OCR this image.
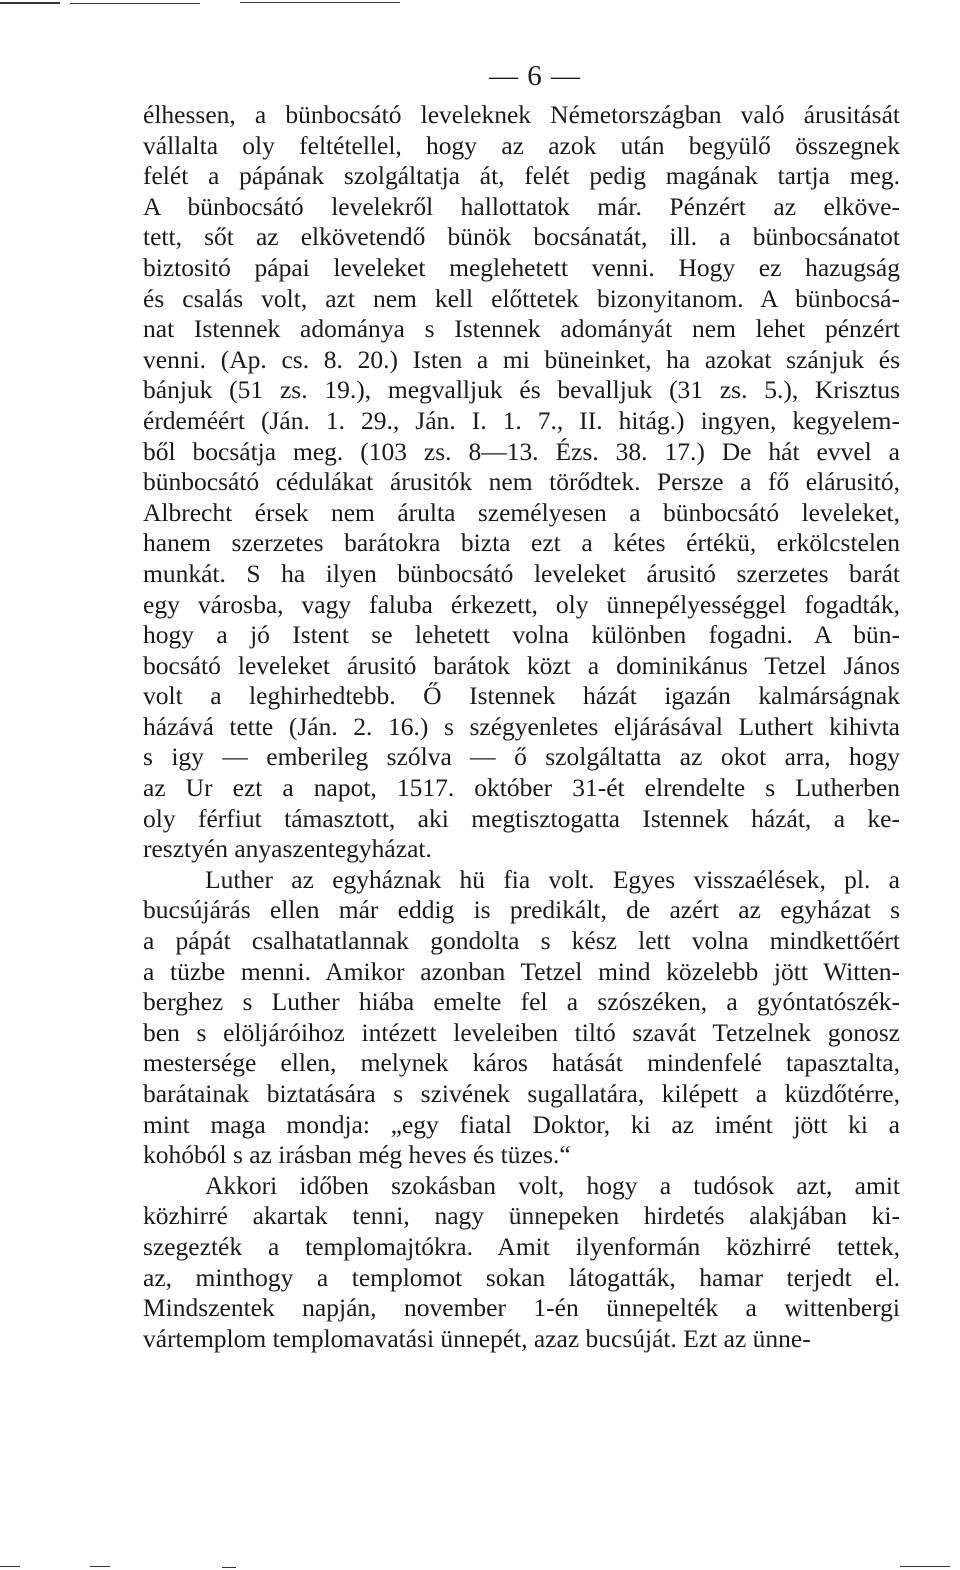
— 6 —
élhessen, a bünbocsátó leveleknek Németországban való árusitását
vállalta oly feltétellel, hogy az azok után begyülő összegnek
felét a pápának szolgáltatja át, felét pedig magának tartja meg.
A bünbocsátó levelekről hallottatok már. Pénzért az elköve-
tett, sőt az elkövetendő bünök bocsánatát, ill. a bünbocsánatot
biztositó pápai leveleket meglehetett venni. Hogy ez hazugság
és csalás volt, azt nem kell előttetek bizonyitanom. A bünbocsá-
nat Istennek adománya s Istennek adományát nem lehet pénzért
venni. (Ap. cs. 8. 20.) Isten a mi büneinket, ha azokat szánjuk és
bánjuk (51 zs. 19.), megvalljuk és bevalljuk (31 zs. 5.), Krisztus
érdeméért (Ján. 1. 29., Ján. I. 1. 7., II. hitág.) ingyen, kegyelem-
ből bocsátja meg. (103 zs. 8—13. Ézs. 38. 17.) De hát evvel a
bünbocsátó cédulákat árusitók nem törődtek. Persze a fő elárusitó,
Albrecht érsek nem árulta személyesen a bünbocsátó leveleket,
hanem szerzetes barátokra bizta ezt a kétes értékü, erkölcstelen
munkát. S ha ilyen bünbocsátó leveleket árusitó szerzetes barát
egy városba, vagy faluba érkezett, oly ünnepélyességgel fogadták,
hogy a jó Istent se lehetett volna különben fogadni. A bün-
bocsátó leveleket árusitó barátok közt a dominikánus Tetzel János
volt a leghirhedtebb. Ő Istennek házát igazán kalmárságnak
házává tette (Ján. 2. 16.) s szégyenletes eljárásával Luthert kihivta
s igy — emberileg szólva — ő szolgáltatta az okot arra, hogy
az Ur ezt a napot, 1517. október 31-ét elrendelte s Lutherben
oly férfiut támasztott, aki megtisztogatta Istennek házát, a ke-
resztyén anyaszentegyházat.
Luther az egyháznak hü fia volt. Egyes visszaélések, pl. a
bucsújárás ellen már eddig is predikált, de azért az egyházat s
a pápát csalhatatlannak gondolta s kész lett volna mindkettőért
a tüzbe menni. Amikor azonban Tetzel mind közelebb jött Witten-
berghez s Luther hiába emelte fel a szószéken, a gyóntatószék-
ben s elöljáróihoz intézett leveleiben tiltó szavát Tetzelnek gonosz
mestersége ellen, melynek káros hatását mindenfelé tapasztalta,
barátainak biztatására s szivének sugallatára, kilépett a küzdőtérre,
mint maga mondja: „egy fiatal Doktor, ki az imént jött ki a
kohóból s az irásban még heves és tüzes.“
Akkori időben szokásban volt, hogy a tudósok azt, amit
közhirré akartak tenni, nagy ünnepeken hirdetés alakjában ki-
szegezték a templomajtókra. Amit ilyenformán közhirré tettek,
az, minthogy a templomot sokan látogatták, hamar terjedt el.
Mindszentek napján, november 1-én ünnepelték a wittenbergi
vártemplom templomavatási ünnepét, azaz bucsúját. Ezt az ünne-
